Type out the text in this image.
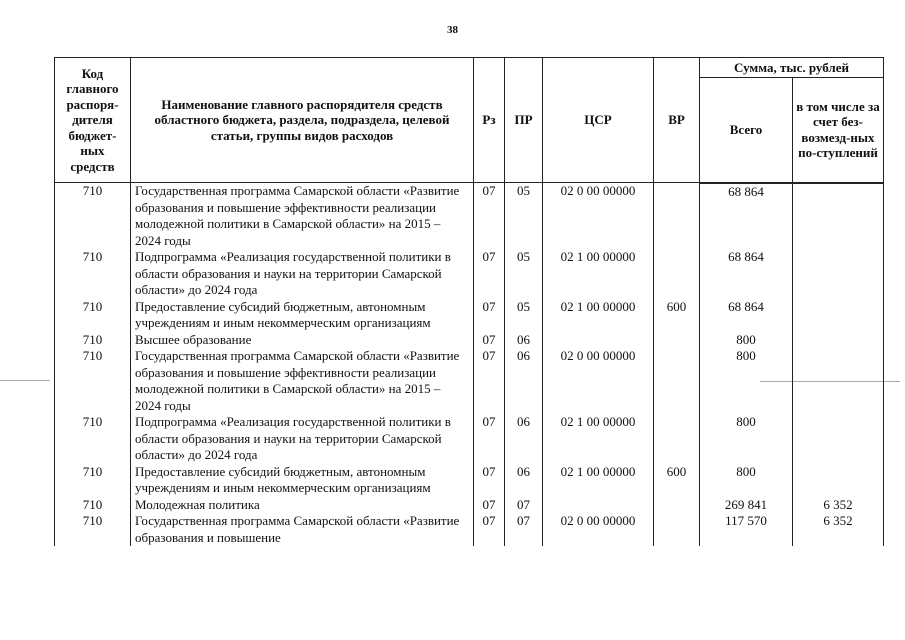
38
Код главного распоря-дителя бюджет-ных средств	Наименование главного распорядителя средств областного бюджета, раздела, подраздела, целевой статьи, группы видов расходов	Рз	ПР	ЦСР	ВР	Сумма, тыс. рублей	
						Всего	в том числе за счет без-возмезд-ных по-ступлений
710	Государственная программа Самарской области «Развитие образования и повышение эффективности реализации молодежной политики в Самарской области» на 2015 – 2024 годы	07	05	02 0 00 00000		68 864	
710	Подпрограмма «Реализация государственной политики в области образования и науки на территории Самарской области» до 2024 года	07	05	02 1 00 00000		68 864	
710	Предоставление субсидий бюджетным, автономным учреждениям и иным некоммерческим организациям	07	05	02 1 00 00000	600	68 864	
710	Высшее образование	07	06			800	
710	Государственная программа Самарской области «Развитие образования и повышение эффективности реализации молодежной политики в Самарской области» на 2015 – 2024 годы	07	06	02 0 00 00000		800	
710	Подпрограмма «Реализация государственной политики в области образования и науки на территории Самарской области» до 2024 года	07	06	02 1 00 00000		800	
710	Предоставление субсидий бюджетным, автономным учреждениям и иным некоммерческим организациям	07	06	02 1 00 00000	600	800	
710	Молодежная политика	07	07			269 841	6 352
710	Государственная программа Самарской области «Развитие образования и повышение	07	07	02 0 00 00000		117 570	6 352
